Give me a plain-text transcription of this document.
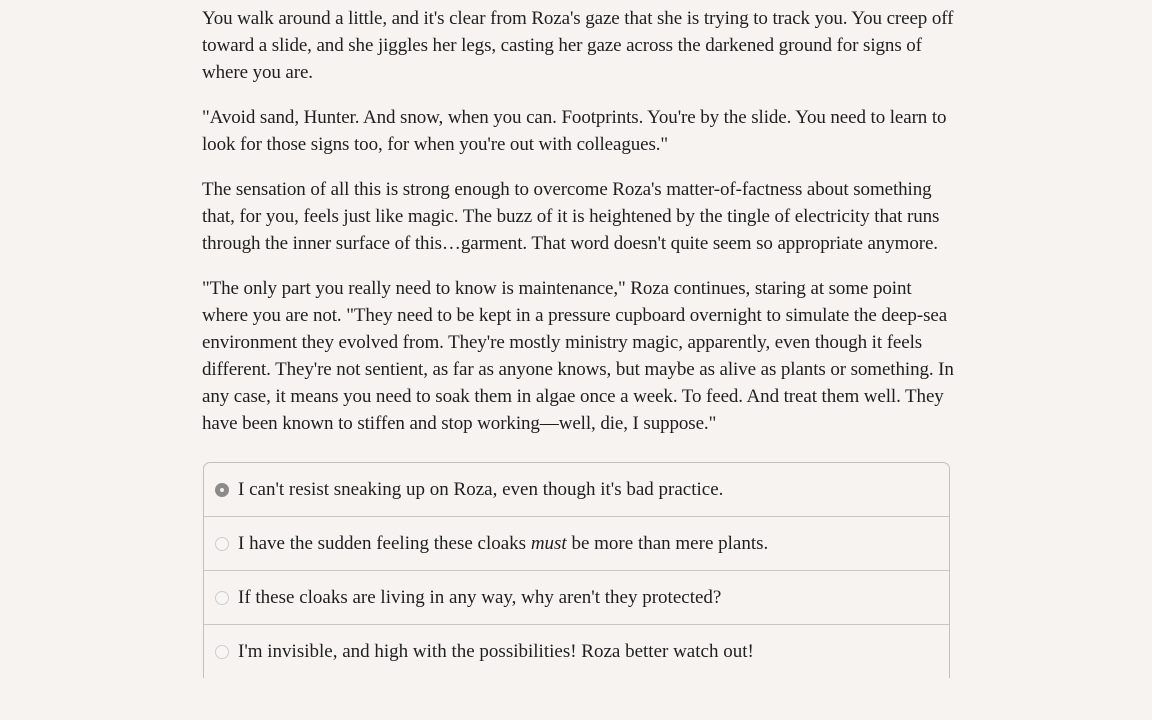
You walk around a little, and it's clear from Roza's gaze that she is trying to track you. You creep off toward a slide, and she jiggles her legs, casting her gaze across the darkened ground for signs of where you are.

"Avoid sand, Hunter. And snow, when you can. Footprints. You're by the slide. You need to learn to look for those signs too, for when you're out with colleagues."

The sensation of all this is strong enough to overcome Roza's matter-of-factness about something that, for you, feels just like magic. The buzz of it is heightened by the tingle of electricity that runs through the inner surface of this…garment. That word doesn't quite seem so appropriate anymore.

"The only part you really need to know is maintenance," Roza continues, staring at some point where you are not. "They need to be kept in a pressure cupboard overnight to simulate the deep-sea environment they evolved from. They're mostly ministry magic, apparently, even though it feels different. They're not sentient, as far as anyone knows, but maybe as alive as plants or something. In any case, it means you need to soak them in algae once a week. To feed. And treat them well. They have been known to stiffen and stop working—well, die, I suppose."

I can't resist sneaking up on Roza, even though it's bad practice.
I have the sudden feeling these cloaks must be more than mere plants.
If these cloaks are living in any way, why aren't they protected?
I'm invisible, and high with the possibilities! Roza better watch out!
